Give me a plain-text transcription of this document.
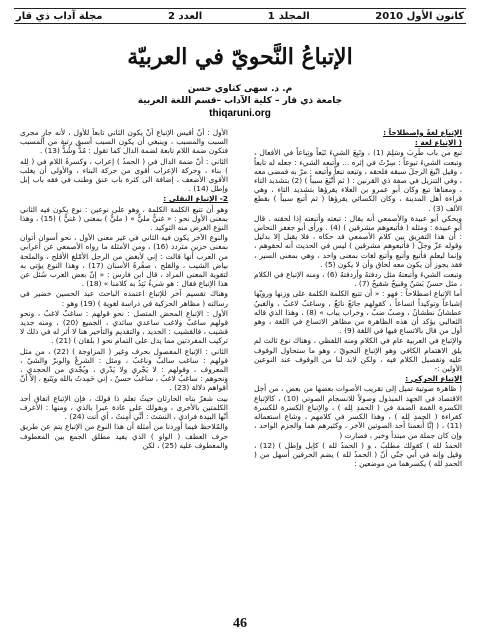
مجلة آداب ذي قار	العدد 2	1 المجلد	كانون الأول 2010
الإتباعُ النَّحويّ في العربيّة
م. د. سهى كتاوي حسن
جامعة ذي قار – كلية الآداب –قسم اللغة العربية
thiqaruni.org

الإتباع لغةً واصطلاحاً :

( الإتباع لغة :

تبع من باب طَرِبَ وسَلِمَ (1) ، وتَبِعَ الشيءَ تَبَعاً وتِباعاً في الأفعال ، وتبعت الشيءَ تبوعاً : سِرْتُ في إثره ... وأتبعه الشيء : جعله له تابعاً ، وقيل اتّبعَ الرجلَ سبقه فلحقه ، وتبعه تبعاً وأتبعه : مرّ به فمضى معه ، وفي التنزيل في صفة ذي القرنين : ( ثم أَتْبَعَ سبباً ) (2) بتشديد التاء ، ومعناها تبع وكان أبو عمرو بن العلاء يقرؤها بتشديد التاء ، وهي قراءة أهل المدينة ، وكان الكسائي يقرؤها ( ثم أتبع سبباً ) بقطع الألف (3) .

ويحكي أبو عبيدة والأصمعي أنه يقال : تبعته وأتبعته إذا لحقته . قال أبو عبيدة : ومثله ( فأتبعوهم مشرقين ) (4) . ورأى أبو جعفر النحاس : أن هذا التفريق بين كلام الأصمعي قد حكاه ، فلا يقبل إلا بدليل وقوله عزّ وجلّ ( فأتبعوهم مشرقين ) ليس في الحديث أنه لحقوهم ، وإنما ليعلم فأتبع وأتبع وأتبع لغات بمعنى واحد ، وهي بمعنى السير ، فقد يجوز أن يكون معه لحاق وأن لا يكون (5) .

وتبعت الشيءَ وأتبعتهُ مثل ردفتهُ وأردفتهُ (6) ، ومنه الإتباع في الكلام ، مثل حسنٌ بَسَنٌ وقبيحٌ شقيحٌ (7) .

أما الإتباع اصطلاحاً : فهو : « أن تتبع الكلمة الكلمة على وزنها ورويّها إشباعاً وتوكيداً اتساعاً ، كقولهم جائعٌ نائعٌ ، وساغبٌ لاغبٌ ، والغبيُ عطشانُ نطشانُ ، وصبٌ ضبٌ ، وخراب يباب » (8) ، وهذا الذي قاله الثعالبي يؤكد أن هذه الظاهرة من مظاهر الاتساع في اللغة ، وهو أول من قال بالاتساع فيها في اللغة (9) .

والإتباع في العربية عام في الكلام ومنه اللفظي ، وهناك نوع ثالث لم يلق الاهتمام الكافي وهو الإتباع النحويّ ، وهو ما ستحاول الوقوف عليه وتفصيل الكلام فيه ، ولكن لابد لنا من الوقوف عند النوعين الأولين :-

الإتباع الحركي :

( ظاهرة صوتية تميل إلى تقريب الأصوات بعضها من بعض ، من أجل الاقتصاد في الجهد المبذول وصولاً للانسجام الصوتي (10) ، كالإتباع الكسرة القمة الضمة في ( الحمدِ لِله ) ، والإتباع الكسرة للكسرة كقراءة ( الحمدِ لِله ) ، وهذا الكسر في كلامهم ، وشاع استعماله (11) ، ( إنَّا أَنعمنا أحد الصوتين الآخر ، وكثيرهم هما والجزم الواحد ، وإن كان جملة من مبتدأ وخبر ، فصارت (

الحمدُ لله ) كقولك مطلبُ ، و ( الحمدُ لله ) كإبل وإطل ) (12) ، وقيل وإنه في أبي جنّي أنّ ( الحمدُ لله ) يضم الحرفين أسهل من ( الحمدِ لله ) يكسرهما من موضعين :

الأول : أنّ أقيس الإتباع أنْ يكون الثاني تابعاً للأول ، لأنه جارٍ مجرى السبب والمسبب ، وينبغي أن يكون السبب أسبق رتبة من المسبب فتكون ضمة اللام تابعة لضمة الدال كما تقول : مُدُّ وشُدُّ (13) .

الثاني : أنّ ضمة الدال في ( الحمدُ ) إعراب ، وكسرةُ اللام في ( لِله ) بناء ، وحركة الإعراب أقوى من حركة البناء ، والأولى أن يغلب الأقوى الأضعف ، إضافة الى كثرة باب عنق وطنب في فقه باب إبل وإطل (14) .

2- الإتباع النقلي :

وهو أن تتبع الكلمة الكلمة ، وهو على نوعين : نوع يكون فيه الثاني بمعنى الأول نحو : « غنيٌّ مليٌّ » ( مليٌّ ) بمعنى ( غنيٌّ ) (15) ، وهذا النوع الغرض منه التوكيد .

والنوع الآخر يكون فيه الثاني في غير معنى الأول ، نحو أسوان أتوان بمعنى حزين متردد (16) ، ومن الأمثلة ما رواه الأصمعي عن أعرابي من العرب أنها قالت : إني لأبغض من الرجل الأمّلغ الأقلح ، والملحة بياض الشيب ، والقلح ، صفُرةُ الأسنان (17) ، وهذا النوع يؤتى به لتقوية المعنى المراد ، قال ابن فارس : « إنّ بعض العرب سُئل عن هذا الإتباع فقال : هو شيءٌ نَتِدُ به كلامنا » (18) .

وهناك تقسيم آخر للإتباع اعتمده الباحث عبد الحسين خضير في رسالته ( مظاهر الحركية في دراسة لغوية ) (19) وهو :

الأول : الإتباع المحض المتصل : نحو قولهم : ساغبٌ لاغبٌ ، ونحو قولهم ساغبٌ ولاغب ساعدي سائدي ، الجميع (20) ، ومنه جديد قشيب ، فالقشيب : الجديد ، والتقديم والتأخير هنا لا أثر له في ذلك لا تركيب المفردتين مما يدل على التمام نحو ( بلقان ) (21) .

الثاني : الإتباع المفصول بحرف وغير ( المزاوجة ) (22) ، من مثل قولهم : ساغب سالبٌ وناغبٌ ، ومثل : الشرعْ والوبرْ والشيّ ، المعروف ، وقولهم : لا يَجْري ولا يَدْري ، ويُجْدي من الحجدي ، ونحوهم : ساغبُ لاغبُ ، ساغبُ حسنٌ ، إني حَمِدتُ بالله ويَتَبع ، إلاّ أنّ أقواهم دلالة (23) .

بيت شعرٌ بناه الحارثان حيثُ تعلم ذا قولك ، فإن الإتباع اتفاق أحد الكلمتين بالأخرى ، وبقولك على عادة عبرا بالذي ، ومنها : الأعرف أنّها البيدة فرادي ، النسَتَ : أنَّي أَمِنتُ ، أي أنت (24) .

والمُلاحظ فيما أوردنا من أمثلة أن هذا النوع من الإتباع يتم عن طريق حرف العطف ( الواو ) الذي يفيد مطلق الجمع بين المعطوف والمعطوف عليه (25) ، لكن

46
